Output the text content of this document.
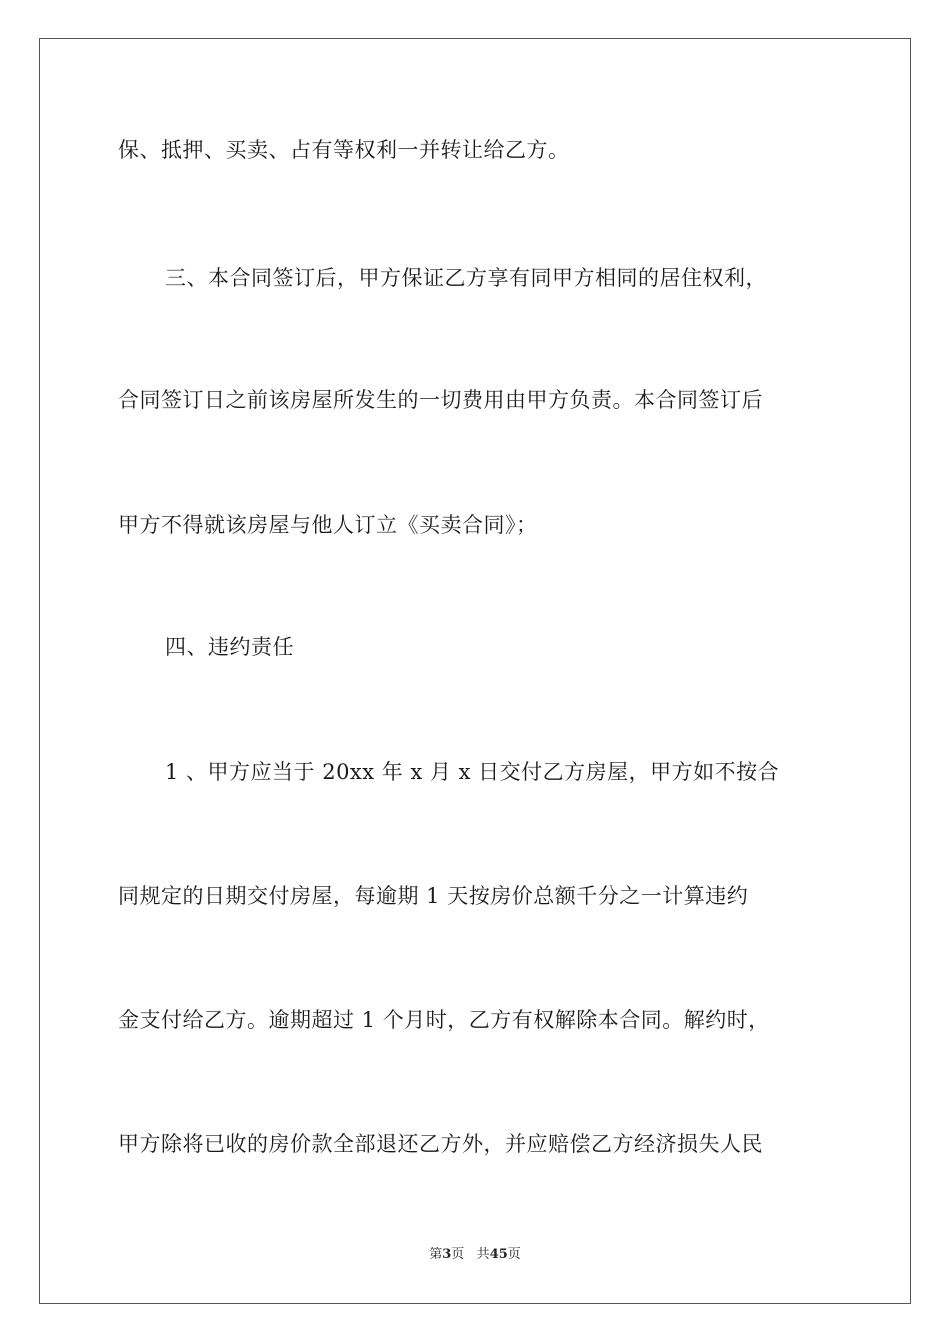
保、抵押、买卖、占有等权利一并转让给乙方。
三、本合同签订后，甲方保证乙方享有同甲方相同的居住权利，
合同签订日之前该房屋所发生的一切费用由甲方负责。本合同签订后
甲方不得就该房屋与他人订立《买卖合同》；
四、违约责任
1 、甲方应当于 20xx 年 x 月 x 日交付乙方房屋，甲方如不按合
同规定的日期交付房屋，每逾期 1 天按房价总额千分之一计算违约
金支付给乙方。逾期超过 1 个月时，乙方有权解除本合同。解约时，
甲方除将已收的房价款全部退还乙方外，并应赔偿乙方经济损失人民
第3页 共45页
